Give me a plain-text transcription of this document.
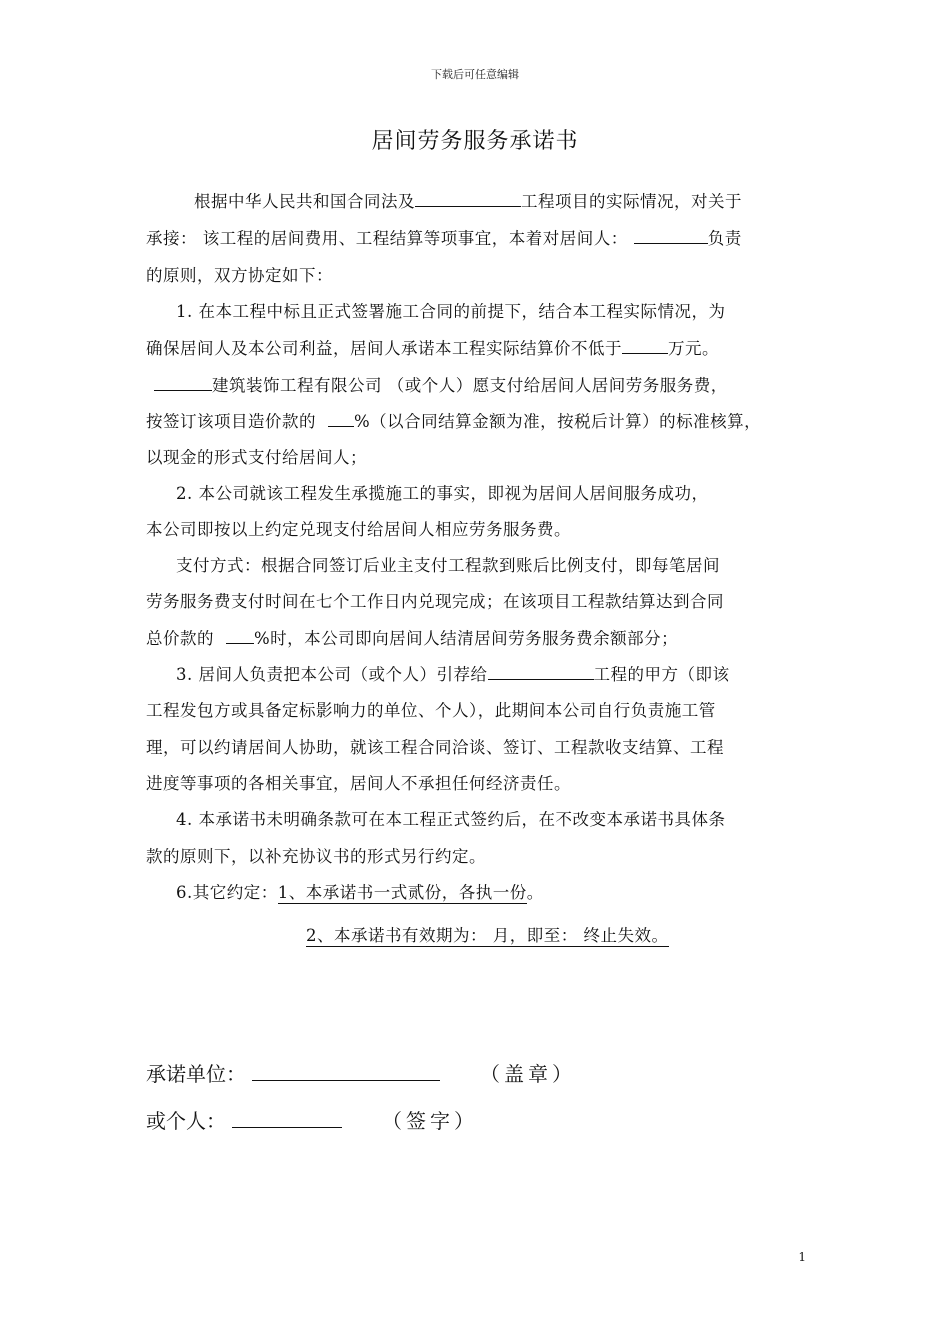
下载后可任意编辑
居间劳务服务承诺书
根据中华人民共和国合同法及	工程项目的实际情况，对关于
承接： 该工程的居间费用、工程结算等项事宜，本着对居间人：	负责
的原则，双方协定如下：
1. 在本工程中标且正式签署施工合同的前提下，结合本工程实际情况，为
确保居间人及本公司利益，居间人承诺本工程实际结算价不低于	万元。
建筑装饰工程有限公司 （或个人）愿支付给居间人居间劳务服务费，
按签订该项目造价款的 %（以合同结算金额为准，按税后计算）的标准核算，
以现金的形式支付给居间人；
2. 本公司就该工程发生承揽施工的事实，即视为居间人居间服务成功，
本公司即按以上约定兑现支付给居间人相应劳务服务费。
支付方式：根据合同签订后业主支付工程款到账后比例支付，即每笔居间
劳务服务费支付时间在七个工作日内兑现完成；在该项目工程款结算达到合同
总价款的 %时，本公司即向居间人结清居间劳务服务费余额部分；
3. 居间人负责把本公司（或个人）引荐给	工程的甲方（即该
工程发包方或具备定标影响力的单位、个人），此期间本公司自行负责施工管
理，可以约请居间人协助，就该工程合同洽谈、签订、工程款收支结算、工程
进度等事项的各相关事宜，居间人不承担任何经济责任。
4. 本承诺书未明确条款可在本工程正式签约后，在不改变本承诺书具体条
款的原则下，以补充协议书的形式另行约定。
6.其它约定：1、本承诺书一式贰份，各执一份。
2、本承诺书有效期为： 月，即至： 终止失效。
承诺单位：	（盖章）
或个人：	（签字）
1
